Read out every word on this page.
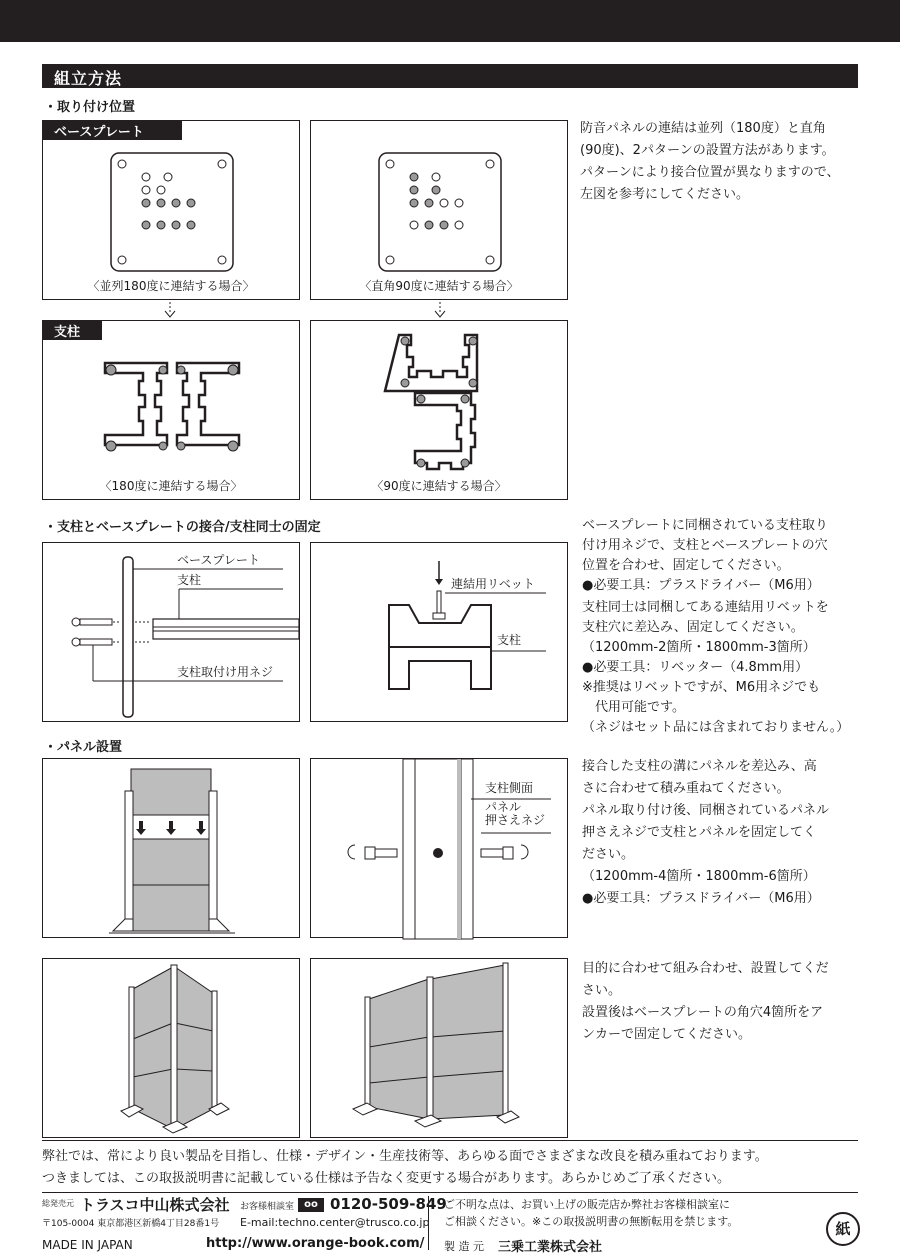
組立方法
・取り付け位置
〈並列180度に連結する場合〉
ベースプレート
〈直角90度に連結する場合〉
〈180度に連結する場合〉
支柱
〈90度に連結する場合〉

防音パネルの連結は並列（180度）と直角

(90度)、2パターンの設置方法があります。

パターンにより接合位置が異なりますので、

左図を参考にしてください。

・支柱とベースプレートの接合/支柱同士の固定
ベースプレート
支柱
支柱取付け用ネジ
連結用リベット
支柱

ベースプレートに同梱されている支柱取り

付け用ネジで、支柱とベースプレートの穴

位置を合わせ、固定してください。

●必要工具：プラスドライバー（M6用）

支柱同士は同梱してある連結用リベットを

支柱穴に差込み、固定してください。

（1200mm-2箇所・1800mm-3箇所）

●必要工具：リベッター（4.8mm用）

※推奨はリベットですが、M6用ネジでも

　代用可能です。

（ネジはセット品には含まれておりません。）

・パネル設置
支柱側面
パネル
押さえネジ

接合した支柱の溝にパネルを差込み、高

さに合わせて積み重ねてください。

パネル取り付け後、同梱されているパネル

押さえネジで支柱とパネルを固定してく

ださい。

（1200mm-4箇所・1800mm-6箇所）

●必要工具：プラスドライバー（M6用）

目的に合わせて組み合わせ、設置してくだ

さい。

設置後はベースプレートの角穴4箇所をア

ンカーで固定してください。

弊社では、常により良い製品を目指し、仕様・デザイン・生産技術等、あらゆる面でさまざまな改良を積み重ねております。
つきましては、この取扱説明書に記載している仕様は予告なく変更する場合があります。あらかじめご了承ください。
総発売元 トラスコ中山株式会社
〒105-0004 東京都港区新橋4丁目28番1号
お客様相談室	oo 0120-509-849
E-mail:techno.center@trusco.co.jp
ご不明な点は、お買い上げの販売店か弊社お客様相談室に
ご相談ください。※この取扱説明書の無断転用を禁じます。
MADE IN JAPAN	http://www.orange-book.com/ 製 造 元 三乗工業株式会社
紙
